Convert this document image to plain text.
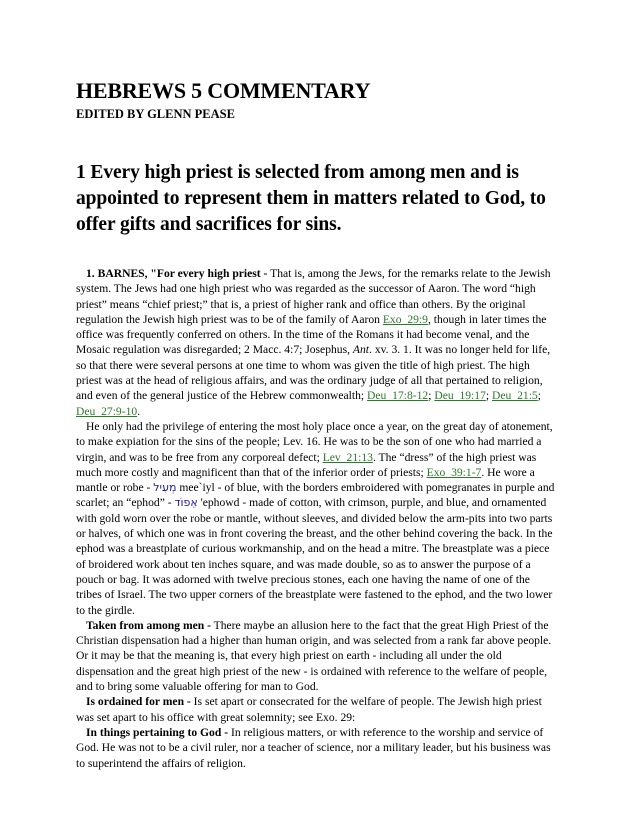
HEBREWS 5 COMMENTARY
EDITED BY GLENN PEASE
1 Every high priest is selected from among men and is appointed to represent them in matters related to God, to offer gifts and sacrifices for sins.

1. BARNES, "For every high priest - That is, among the Jews, for the remarks relate to the Jewish system. The Jews had one high priest who was regarded as the successor of Aaron. The word “high priest” means “chief priest;” that is, a priest of higher rank and office than others. By the original regulation the Jewish high priest was to be of the family of Aaron Exo_29:9, though in later times the office was frequently conferred on others. In the time of the Romans it had become venal, and the Mosaic regulation was disregarded; 2 Macc. 4:7; Josephus, Ant. xv. 3. 1. It was no longer held for life, so that there were several persons at one time to whom was given the title of high priest. The high priest was at the head of religious affairs, and was the ordinary judge of all that pertained to religion, and even of the general justice of the Hebrew commonwealth; Deu_17:8-12; Deu_19:17; Deu_21:5; Deu_27:9-10.

He only had the privilege of entering the most holy place once a year, on the great day of atonement, to make expiation for the sins of the people; Lev. 16. He was to be the son of one who had married a virgin, and was to be free from any corporeal defect; Lev_21:13. The “dress” of the high priest was much more costly and magnificent than that of the inferior order of priests; Exo_39:1-7. He wore a mantle or robe - מְעִיל mee`iyl - of blue, with the borders embroidered with pomegranates in purple and scarlet; an “ephod” - אֵפוֹד 'ephowd - made of cotton, with crimson, purple, and blue, and ornamented with gold worn over the robe or mantle, without sleeves, and divided below the arm-pits into two parts or halves, of which one was in front covering the breast, and the other behind covering the back. In the ephod was a breastplate of curious workmanship, and on the head a mitre. The breastplate was a piece of broidered work about ten inches square, and was made double, so as to answer the purpose of a pouch or bag. It was adorned with twelve precious stones, each one having the name of one of the tribes of Israel. The two upper corners of the breastplate were fastened to the ephod, and the two lower to the girdle.

Taken from among men - There maybe an allusion here to the fact that the great High Priest of the Christian dispensation had a higher than human origin, and was selected from a rank far above people. Or it may be that the meaning is, that every high priest on earth - including all under the old dispensation and the great high priest of the new - is ordained with reference to the welfare of people, and to bring some valuable offering for man to God.

Is ordained for men - Is set apart or consecrated for the welfare of people. The Jewish high priest was set apart to his office with great solemnity; see Exo. 29:

In things pertaining to God - In religious matters, or with reference to the worship and service of God. He was not to be a civil ruler, nor a teacher of science, nor a military leader, but his business was to superintend the affairs of religion.
